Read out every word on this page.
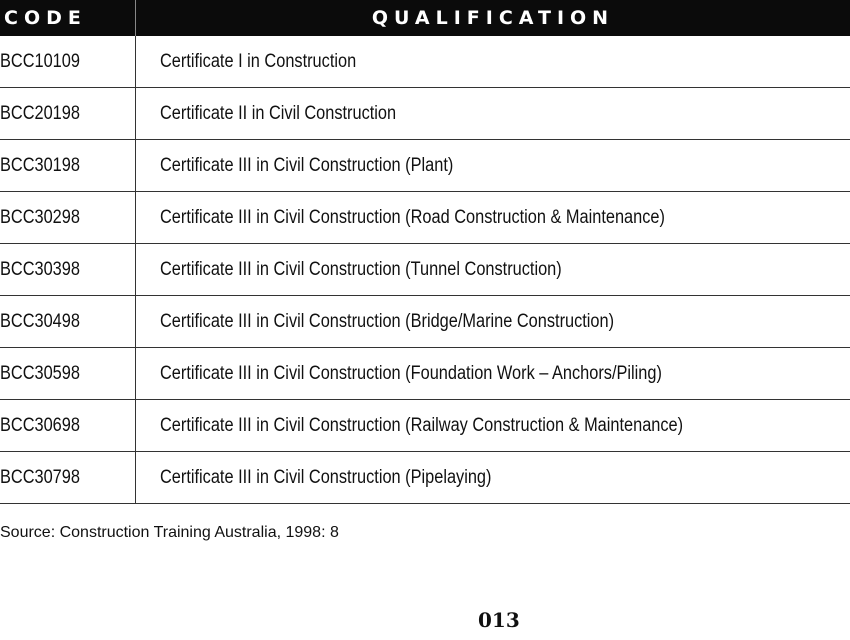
CODE	QUALIFICATION
BCC10109	Certificate I in Construction
BCC20198	Certificate II in Civil Construction
BCC30198	Certificate III in Civil Construction (Plant)
BCC30298	Certificate III in Civil Construction (Road Construction & Maintenance)
BCC30398	Certificate III in Civil Construction (Tunnel Construction)
BCC30498	Certificate III in Civil Construction (Bridge/Marine Construction)
BCC30598	Certificate III in Civil Construction (Foundation Work – Anchors/Piling)
BCC30698	Certificate III in Civil Construction (Railway Construction & Maintenance)
BCC30798	Certificate III in Civil Construction (Pipelaying)
Source: Construction Training Australia, 1998: 8
013
